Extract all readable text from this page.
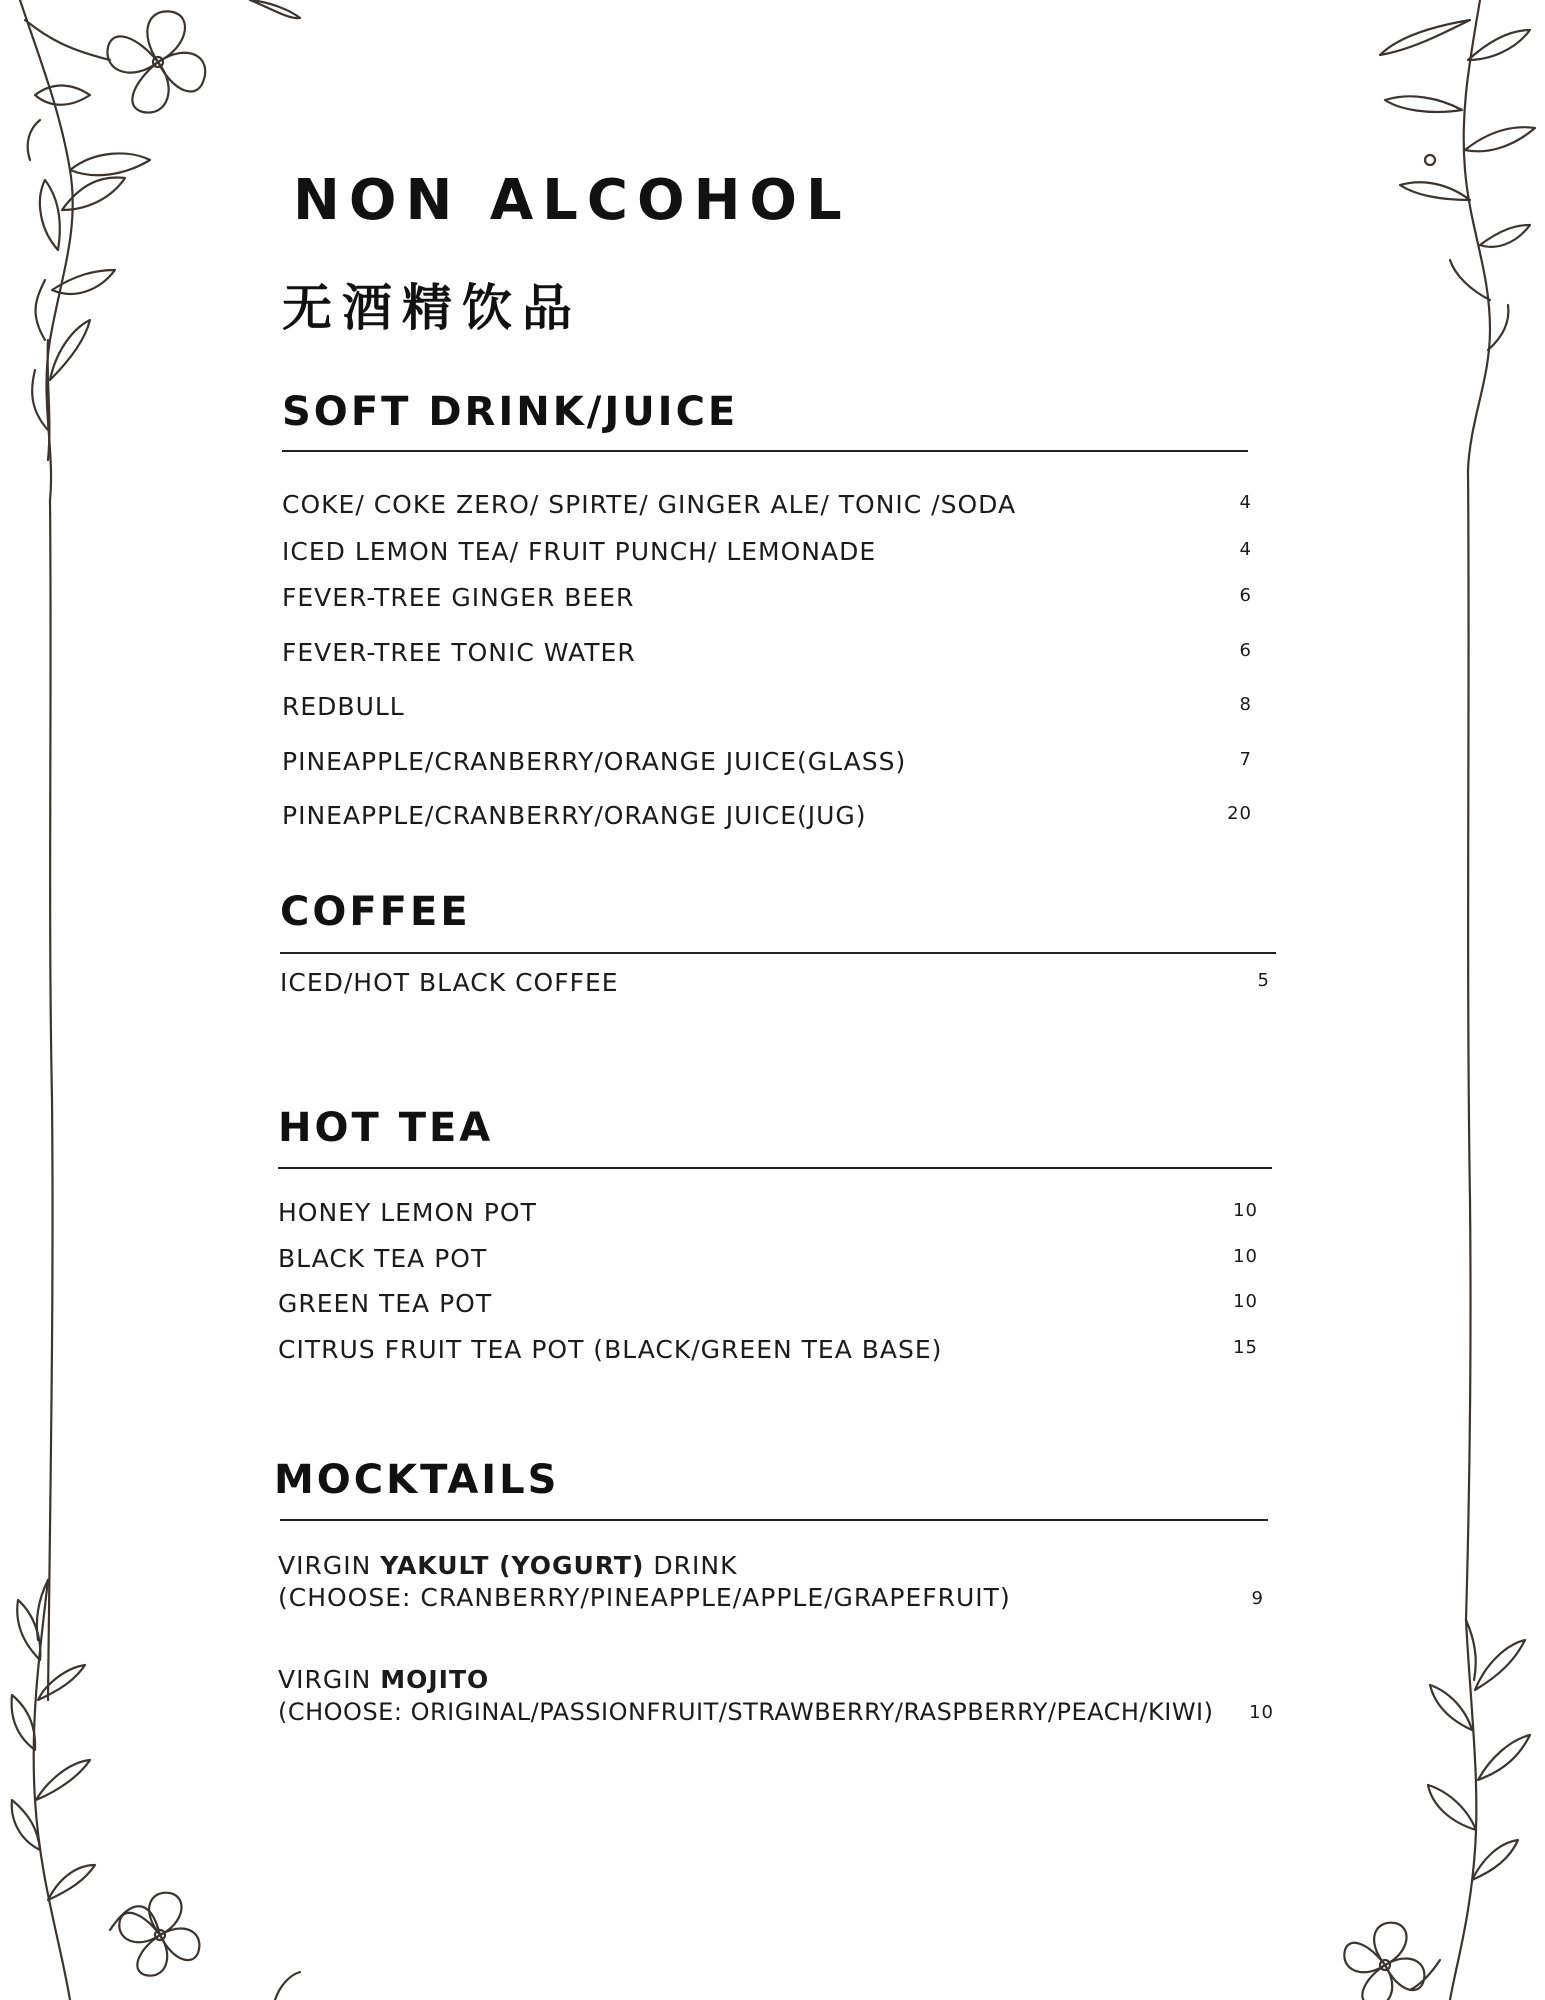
NON ALCOHOL
无酒精饮品
SOFT DRINK/JUICE
COKE/ COKE ZERO/ SPIRTE/ GINGER ALE/ TONIC /SODA	4
ICED LEMON TEA/ FRUIT PUNCH/ LEMONADE	4
FEVER-TREE GINGER BEER	6
FEVER-TREE TONIC WATER	6
REDBULL	8
PINEAPPLE/CRANBERRY/ORANGE JUICE(GLASS)	7
PINEAPPLE/CRANBERRY/ORANGE JUICE(JUG)	20
COFFEE
ICED/HOT BLACK COFFEE	5
HOT TEA
HONEY LEMON POT	10
BLACK TEA POT	10
GREEN TEA POT	10
CITRUS FRUIT TEA POT (BLACK/GREEN TEA BASE)	15
MOCKTAILS
VIRGIN YAKULT (YOGURT) DRINK
(CHOOSE: CRANBERRY/PINEAPPLE/APPLE/GRAPEFRUIT)	9
VIRGIN MOJITO
(CHOOSE: ORIGINAL/PASSIONFRUIT/STRAWBERRY/RASPBERRY/PEACH/KIWI) 10
